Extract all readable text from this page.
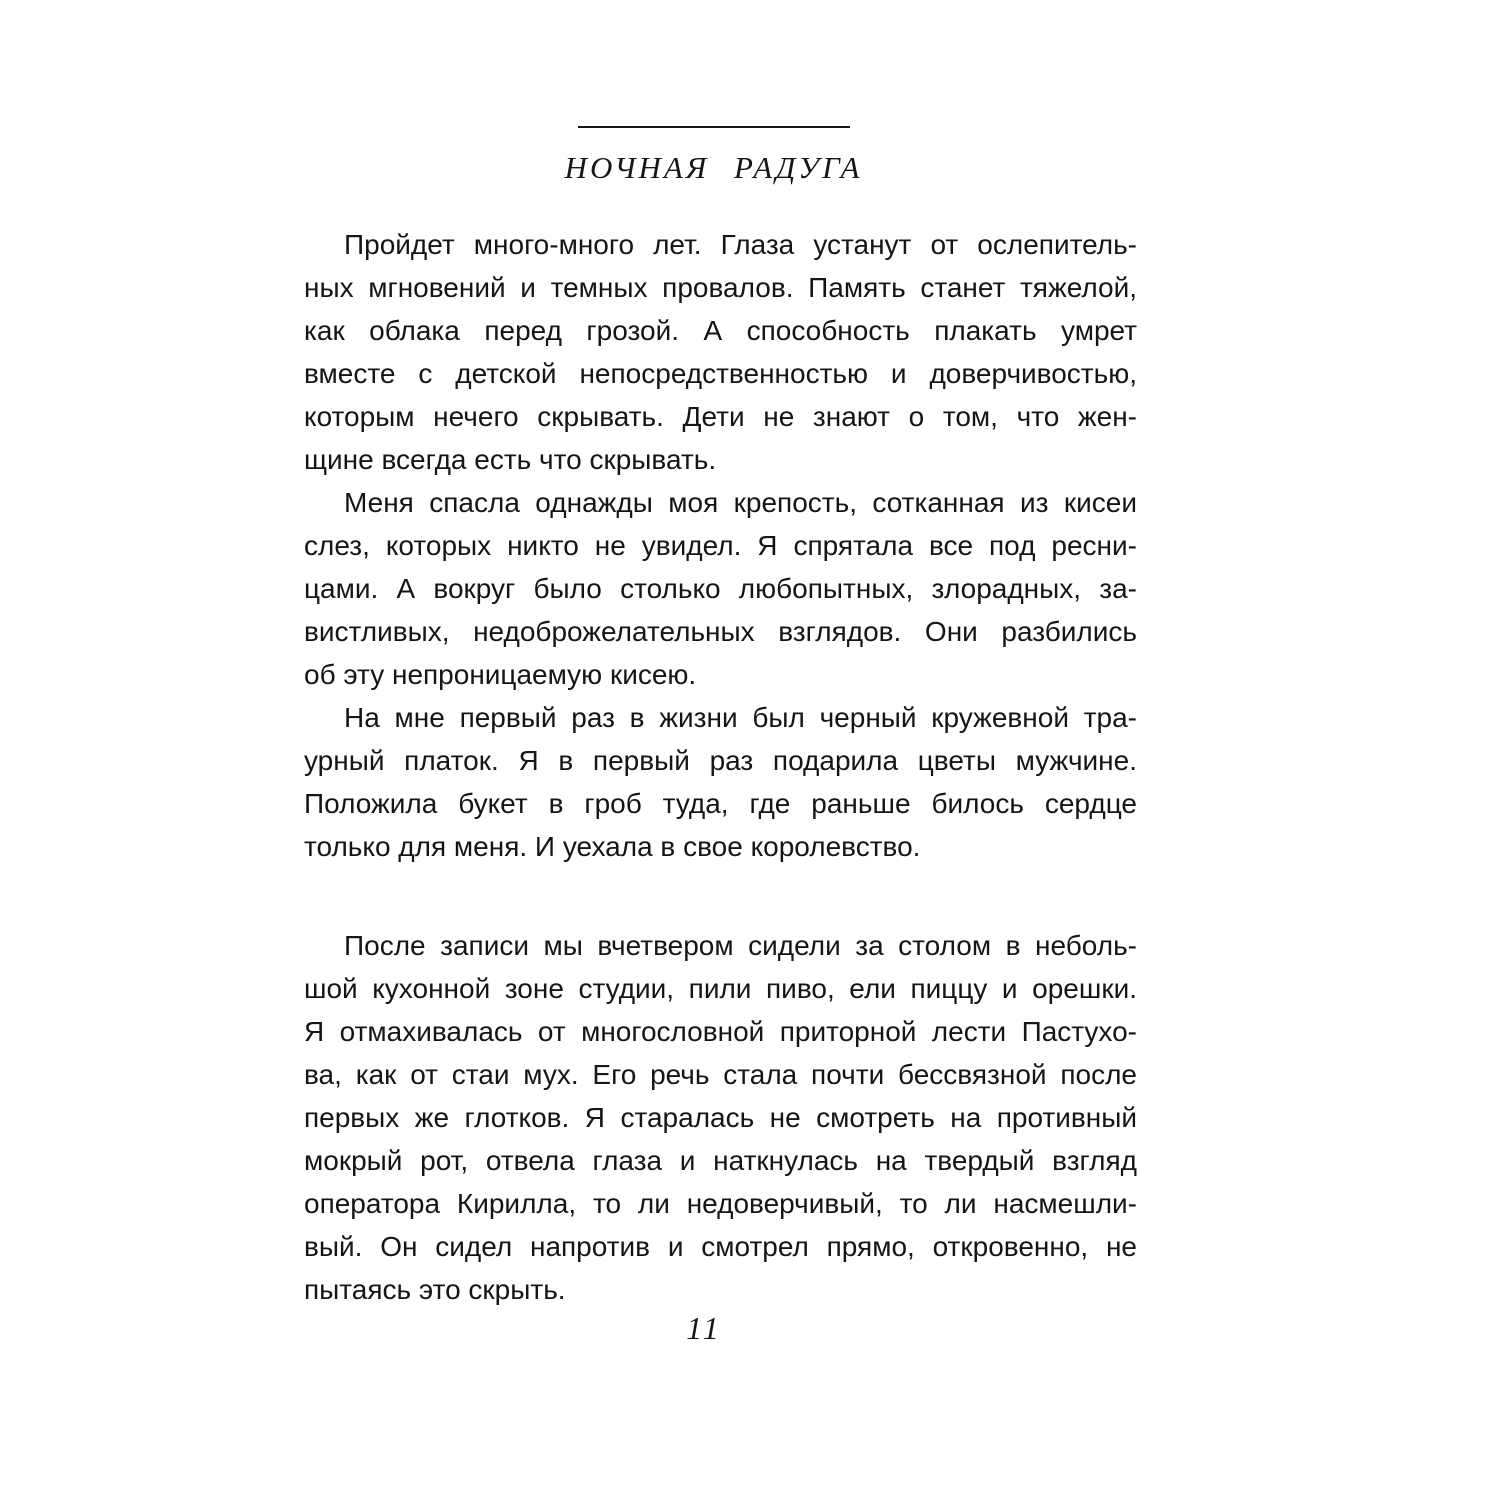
НОЧНАЯ РАДУГА
Пройдет много-много лет. Глаза устанут от ослепитель-
ных мгновений и темных провалов. Память станет тяжелой,
как облака перед грозой. А способность плакать умрет
вместе с детской непосредственностью и доверчивостью,
которым нечего скрывать. Дети не знают о том, что жен-
щине всегда есть что скрывать.
Меня спасла однажды моя крепость, сотканная из кисеи
слез, которых никто не увидел. Я спрятала все под ресни-
цами. А вокруг было столько любопытных, злорадных, за-
вистливых, недоброжелательных взглядов. Они разбились
об эту непроницаемую кисею.
На мне первый раз в жизни был черный кружевной тра-
урный платок. Я в первый раз подарила цветы мужчине.
Положила букет в гроб туда, где раньше билось сердце
только для меня. И уехала в свое королевство.
После записи мы вчетвером сидели за столом в неболь-
шой кухонной зоне студии, пили пиво, ели пиццу и орешки.
Я отмахивалась от многословной приторной лести Пастухо-
ва, как от стаи мух. Его речь стала почти бессвязной после
первых же глотков. Я старалась не смотреть на противный
мокрый рот, отвела глаза и наткнулась на твердый взгляд
оператора Кирилла, то ли недоверчивый, то ли насмешли-
вый. Он сидел напротив и смотрел прямо, откровенно, не
пытаясь это скрыть.
11
